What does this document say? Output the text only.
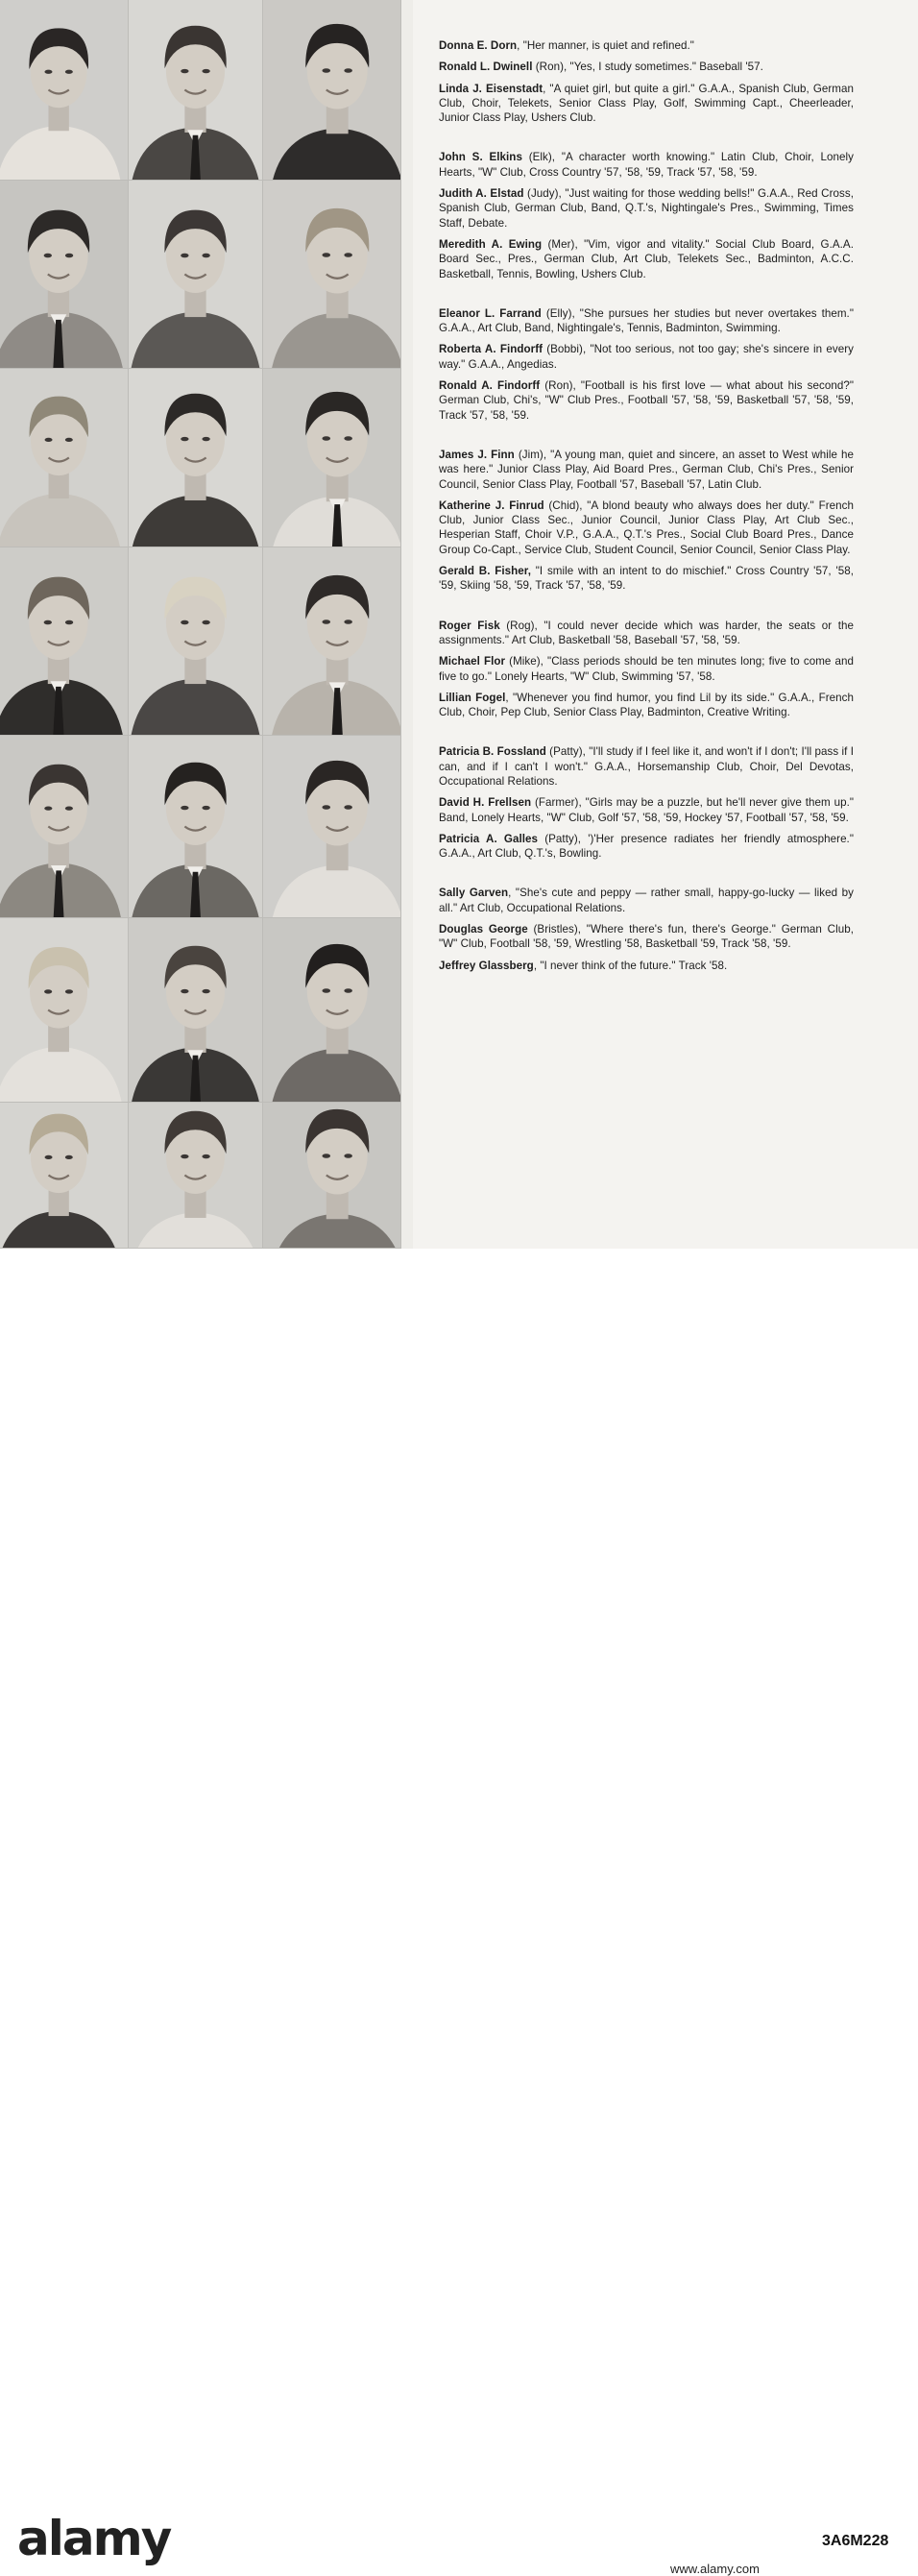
Donna E. Dorn, "Her manner, is quiet and refined."

Ronald L. Dwinell (Ron), "Yes, I study sometimes." Baseball '57.

Linda J. Eisenstadt, "A quiet girl, but quite a girl." G.A.A., Spanish Club, German Club, Choir, Telekets, Senior Class Play, Golf, Swimming Capt., Cheerleader, Junior Class Play, Ushers Club.

John S. Elkins (Elk), "A character worth knowing." Latin Club, Choir, Lonely Hearts, "W" Club, Cross Country '57, '58, '59, Track '57, '58, '59.

Judith A. Elstad (Judy), "Just waiting for those wedding bells!" G.A.A., Red Cross, Spanish Club, German Club, Band, Q.T.'s, Nightingale's Pres., Swimming, Times Staff, Debate.

Meredith A. Ewing (Mer), "Vim, vigor and vitality." Social Club Board, G.A.A. Board Sec., Pres., German Club, Art Club, Telekets Sec., Badminton, A.C.C. Basketball, Tennis, Bowling, Ushers Club.

Eleanor L. Farrand (Elly), "She pursues her studies but never overtakes them." G.A.A., Art Club, Band, Nightingale's, Tennis, Badminton, Swimming.

Roberta A. Findorff (Bobbi), "Not too serious, not too gay; she's sincere in every way." G.A.A., Angedias.

Ronald A. Findorff (Ron), "Football is his first love — what about his second?" German Club, Chi's, "W" Club Pres., Football '57, '58, '59, Basketball '57, '58, '59, Track '57, '58, '59.

James J. Finn (Jim), "A young man, quiet and sincere, an asset to West while he was here." Junior Class Play, Aid Board Pres., German Club, Chi's Pres., Senior Council, Senior Class Play, Football '57, Baseball '57, Latin Club.

Katherine J. Finrud (Chid), "A blond beauty who always does her duty." French Club, Junior Class Sec., Junior Council, Junior Class Play, Art Club Sec., Hesperian Staff, Choir V.P., G.A.A., Q.T.'s Pres., Social Club Board Pres., Dance Group Co-Capt., Service Club, Student Council, Senior Council, Senior Class Play.

Gerald B. Fisher, "I smile with an intent to do mischief." Cross Country '57, '58, '59, Skiing '58, '59, Track '57, '58, '59.

Roger Fisk (Rog), "I could never decide which was harder, the seats or the assignments." Art Club, Basketball '58, Baseball '57, '58, '59.

Michael Flor (Mike), "Class periods should be ten minutes long; five to come and five to go." Lonely Hearts, "W" Club, Swimming '57, '58.

Lillian Fogel, "Whenever you find humor, you find Lil by its side." G.A.A., French Club, Choir, Pep Club, Senior Class Play, Badminton, Creative Writing.

Patricia B. Fossland (Patty), "I'll study if I feel like it, and won't if I don't; I'll pass if I can, and if I can't I won't." G.A.A., Horsemanship Club, Choir, Del Devotas, Occupational Relations.

David H. Frellsen (Farmer), "Girls may be a puzzle, but he'll never give them up." Band, Lonely Hearts, "W" Club, Golf '57, '58, '59, Hockey '57, Football '57, '58, '59.

Patricia A. Galles (Patty), ')'Her presence radiates her friendly atmosphere." G.A.A., Art Club, Q.T.'s, Bowling.

Sally Garven, "She's cute and peppy — rather small, happy-go-lucky — liked by all." Art Club, Occupational Relations.

Douglas George (Bristles), "Where there's fun, there's George." German Club, "W" Club, Football '58, '59, Wrestling '58, Basketball '59, Track '58, '59.

Jeffrey Glassberg, "I never think of the future." Track '58.

alamy	3A6M228
www.alamy.com
